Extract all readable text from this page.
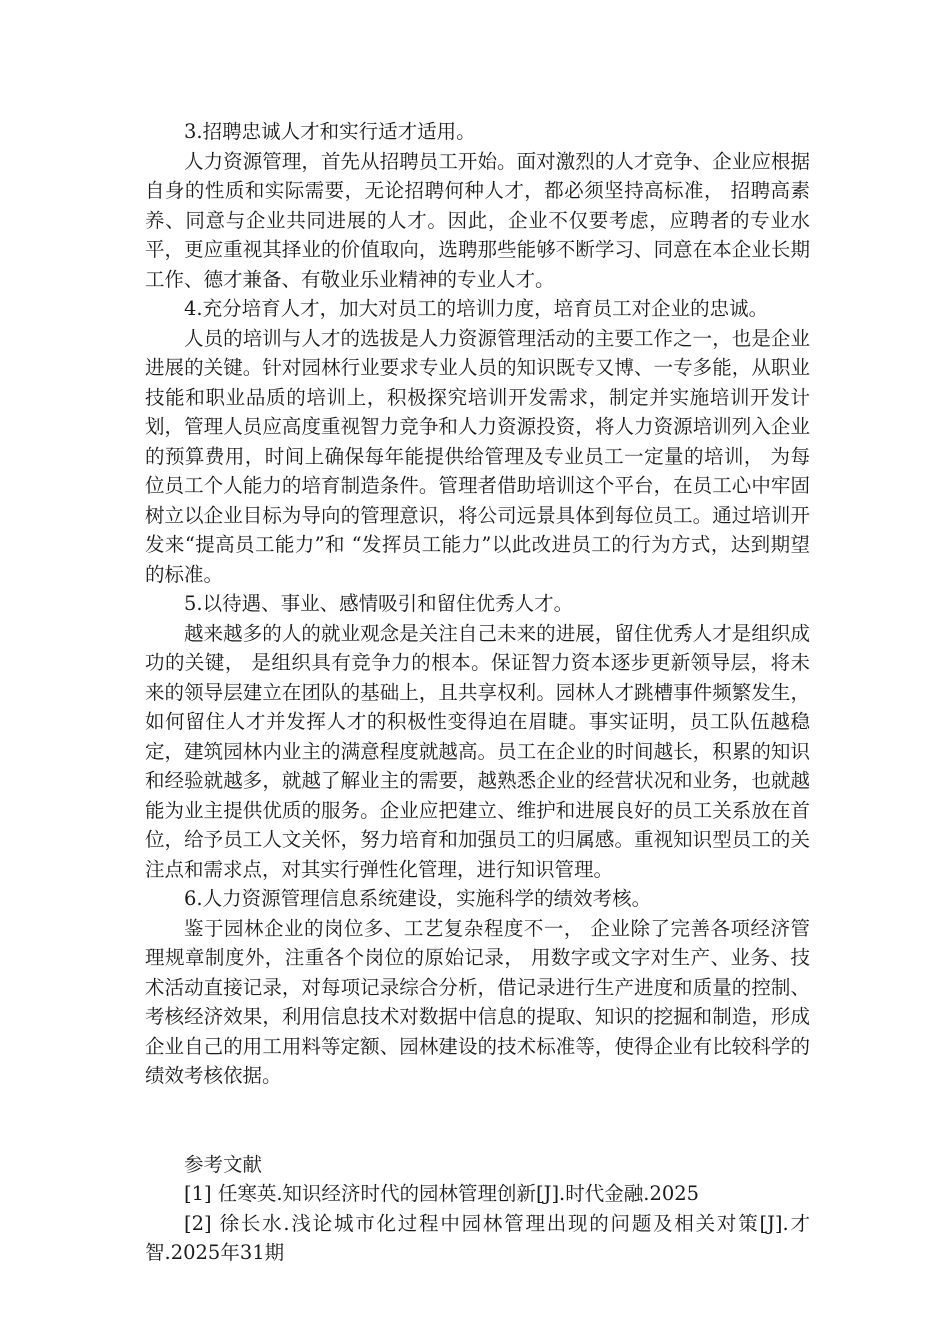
3.招聘忠诚人才和实行适才适用。

人力资源管理，首先从招聘员工开始。面对激烈的人才竞争、企业应根据自身的性质和实际需要，无论招聘何种人才，都必须坚持高标准， 招聘高素养、同意与企业共同进展的人才。因此，企业不仅要考虑，应聘者的专业水平，更应重视其择业的价值取向，选聘那些能够不断学习、同意在本企业长期工作、德才兼备、有敬业乐业精神的专业人才。

4.充分培育人才，加大对员工的培训力度，培育员工对企业的忠诚。

人员的培训与人才的选拔是人力资源管理活动的主要工作之一，也是企业进展的关键。针对园林行业要求专业人员的知识既专又博、一专多能，从职业技能和职业品质的培训上，积极探究培训开发需求，制定并实施培训开发计划，管理人员应高度重视智力竞争和人力资源投资，将人力资源培训列入企业的预算费用，时间上确保每年能提供给管理及专业员工一定量的培训， 为每位员工个人能力的培育制造条件。管理者借助培训这个平台，在员工心中牢固树立以企业目标为导向的管理意识，将公司远景具体到每位员工。通过培训开发来“提高员工能力”和 “发挥员工能力”以此改进员工的行为方式，达到期望的标准。

5.以待遇、事业、感情吸引和留住优秀人才。

越来越多的人的就业观念是关注自己未来的进展，留住优秀人才是组织成功的关键， 是组织具有竞争力的根本。保证智力资本逐步更新领导层，将未来的领导层建立在团队的基础上，且共享权利。园林人才跳槽事件频繁发生，如何留住人才并发挥人才的积极性变得迫在眉睫。事实证明，员工队伍越稳定，建筑园林内业主的满意程度就越高。员工在企业的时间越长，积累的知识和经验就越多，就越了解业主的需要，越熟悉企业的经营状况和业务，也就越能为业主提供优质的服务。企业应把建立、维护和进展良好的员工关系放在首位，给予员工人文关怀，努力培育和加强员工的归属感。重视知识型员工的关注点和需求点，对其实行弹性化管理，进行知识管理。

6.人力资源管理信息系统建设，实施科学的绩效考核。

鉴于园林企业的岗位多、工艺复杂程度不一， 企业除了完善各项经济管理规章制度外，注重各个岗位的原始记录， 用数字或文字对生产、业务、技术活动直接记录，对每项记录综合分析，借记录进行生产进度和质量的控制、考核经济效果，利用信息技术对数据中信息的提取、知识的挖掘和制造，形成企业自己的用工用料等定额、园林建设的技术标准等，使得企业有比较科学的绩效考核依据。

参考文献

[1] 任寒英.知识经济时代的园林管理创新[J].时代金融.2025

[2] 徐长水.浅论城市化过程中园林管理出现的问题及相关对策[J].才智.2025年31期
